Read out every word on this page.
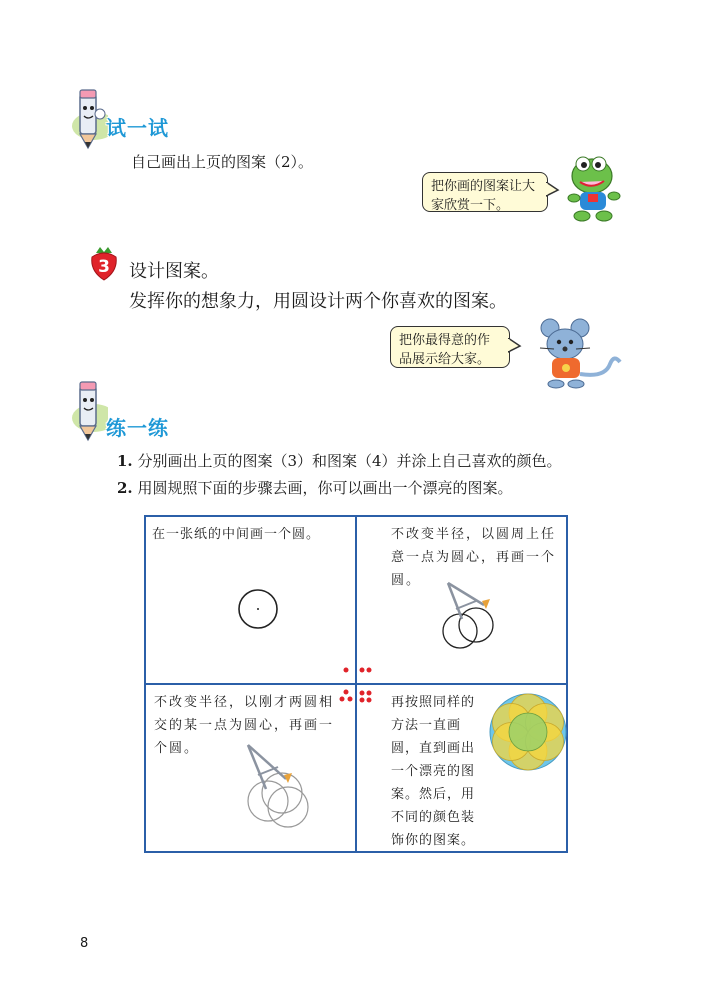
试一试
自己画出上页的图案（2）。
把你画的图案让大家欣赏一下。
3 设计图案。
发挥你的想象力，用圆设计两个你喜欢的图案。
把你最得意的作品展示给大家。
练一练
1. 分别画出上页的图案（3）和图案（4）并涂上自己喜欢的颜色。
2. 用圆规照下面的步骤去画，你可以画出一个漂亮的图案。
在一张纸的中间画一个圆。	不改变半径，以圆周上任意一点为圆心，再画一个圆。
不改变半径，以刚才两圆相交的某一点为圆心，再画一个圆。
再按照同样的方法一直画圆，直到画出一个漂亮的图案。然后，用不同的颜色装饰你的图案。
8
